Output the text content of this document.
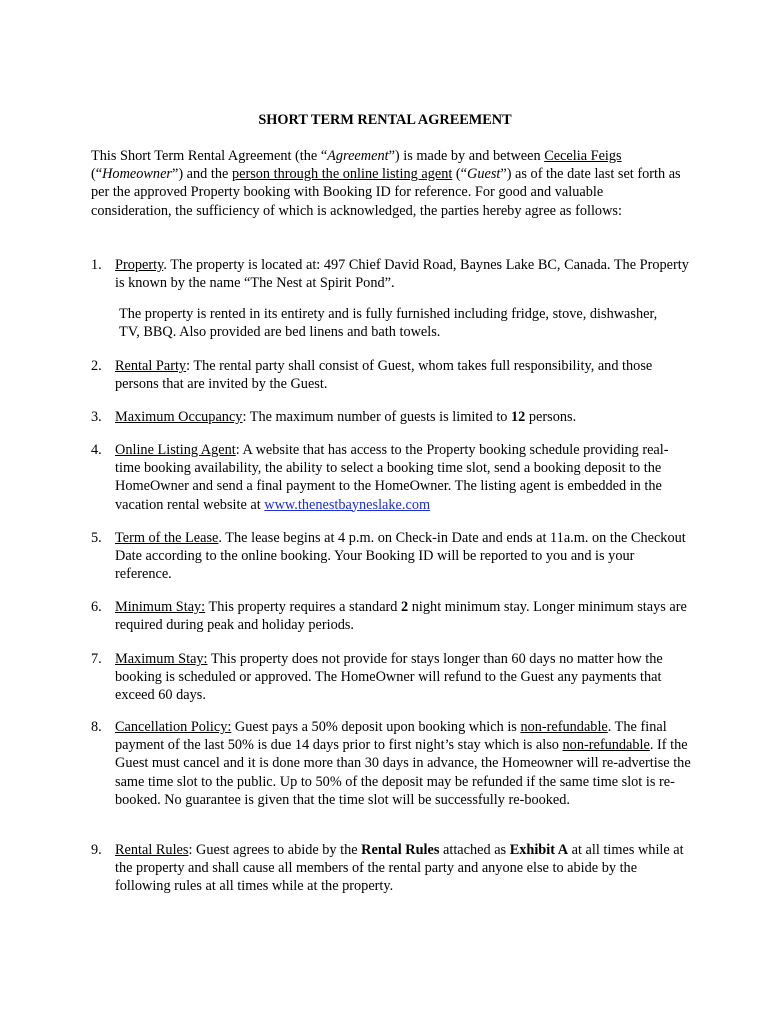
SHORT TERM RENTAL AGREEMENT
This Short Term Rental Agreement (the “Agreement”) is made by and between Cecelia Feigs
(“Homeowner”) and the person through the online listing agent (“Guest”) as of the date last set forth as per the approved Property booking with Booking ID for reference. For good and valuable consideration, the sufficiency of which is acknowledged, the parties hereby agree as follows:
1. Property. The property is located at: 497 Chief David Road, Baynes Lake BC, Canada. The Property is known by the name “The Nest at Spirit Pond”.
The property is rented in its entirety and is fully furnished including fridge, stove, dishwasher, TV, BBQ. Also provided are bed linens and bath towels.
2. Rental Party: The rental party shall consist of Guest, whom takes full responsibility, and those persons that are invited by the Guest.
3. Maximum Occupancy: The maximum number of guests is limited to 12 persons.
4. Online Listing Agent: A website that has access to the Property booking schedule providing real-time booking availability, the ability to select a booking time slot, send a booking deposit to the HomeOwner and send a final payment to the HomeOwner. The listing agent is embedded in the vacation rental website at www.thenestbayneslake.com
5. Term of the Lease. The lease begins at 4 p.m. on Check-in Date and ends at 11a.m. on the Checkout Date according to the online booking. Your Booking ID will be reported to you and is your reference.
6. Minimum Stay: This property requires a standard 2 night minimum stay. Longer minimum stays are required during peak and holiday periods.
7. Maximum Stay: This property does not provide for stays longer than 60 days no matter how the booking is scheduled or approved. The HomeOwner will refund to the Guest any payments that exceed 60 days.
8. Cancellation Policy: Guest pays a 50% deposit upon booking which is non-refundable. The final payment of the last 50% is due 14 days prior to first night’s stay which is also non-refundable. If the Guest must cancel and it is done more than 30 days in advance, the Homeowner will re-advertise the same time slot to the public. Up to 50% of the deposit may be refunded if the same time slot is re-booked. No guarantee is given that the time slot will be successfully re-booked.
9. Rental Rules: Guest agrees to abide by the Rental Rules attached as Exhibit A at all times while at the property and shall cause all members of the rental party and anyone else to abide by the following rules at all times while at the property.
